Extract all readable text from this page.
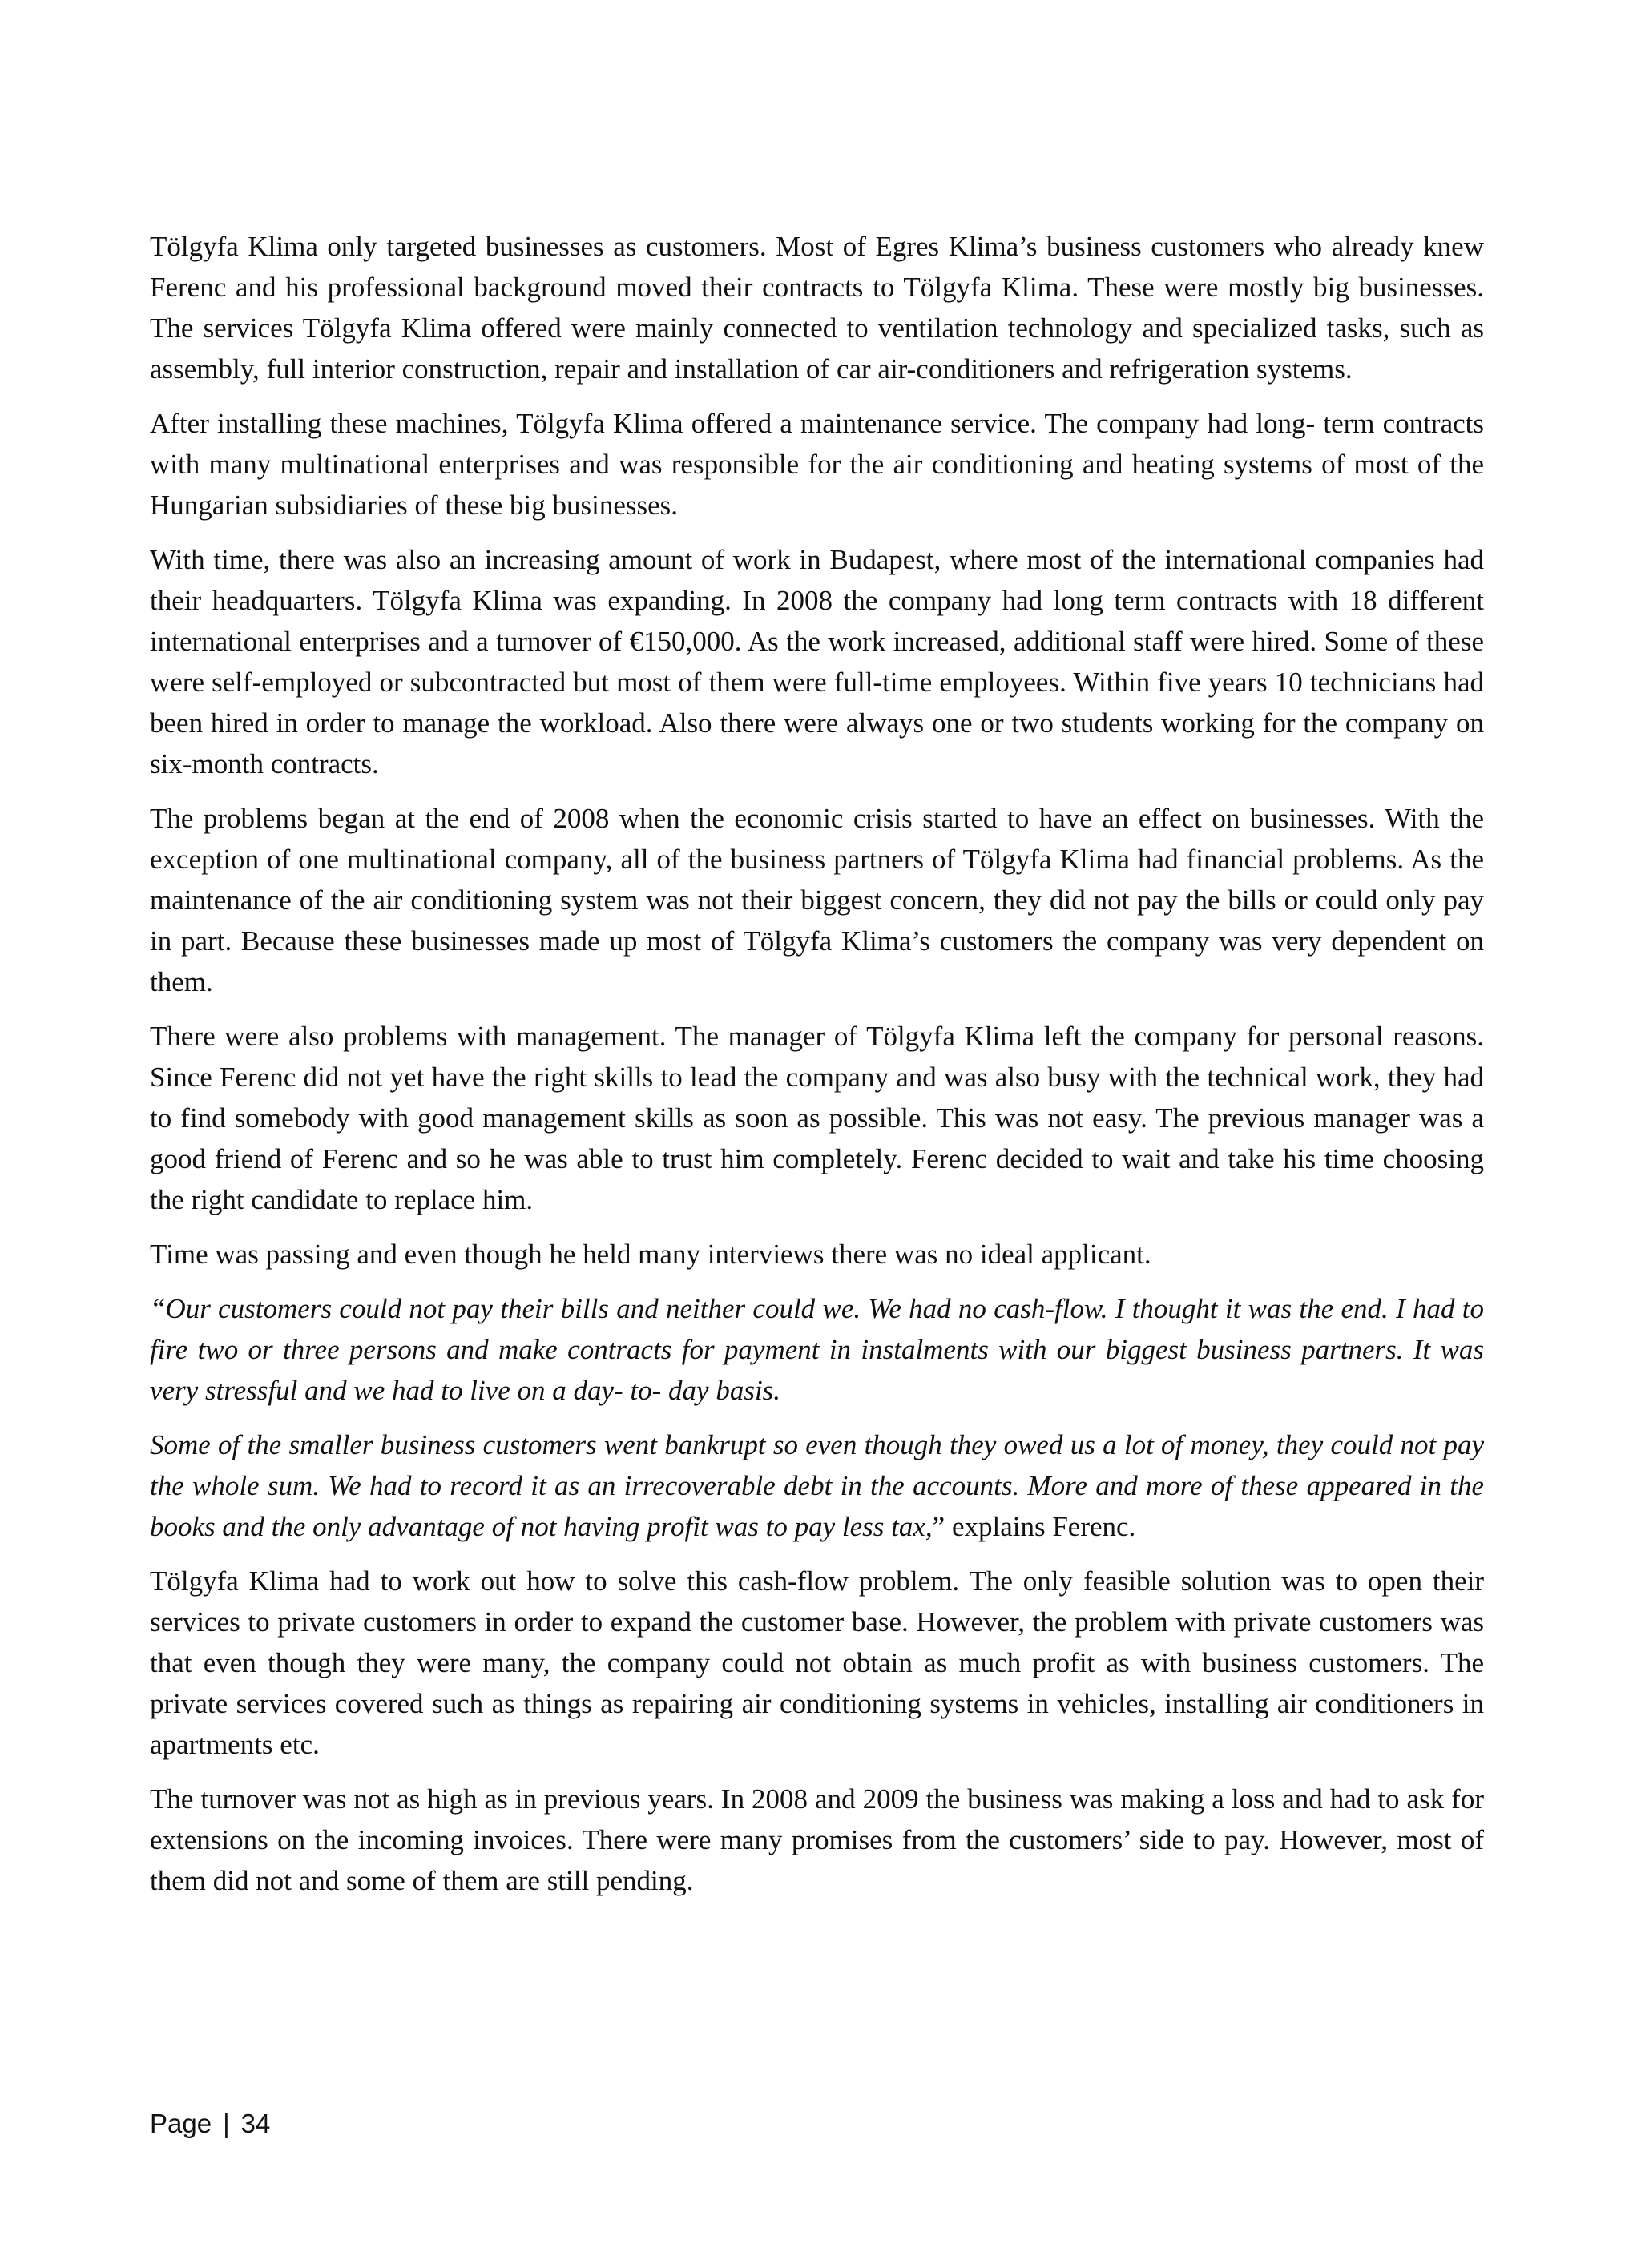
Tölgyfa Klima only targeted businesses as customers. Most of Egres Klima’s business customers who already knew Ferenc and his professional background moved their contracts to Tölgyfa Klima. These were mostly big businesses. The services Tölgyfa Klima offered were mainly connected to ventilation technology and specialized tasks, such as assembly, full interior construction, repair and installation of car air-conditioners and refrigeration systems.

After installing these machines, Tölgyfa Klima offered a maintenance service. The company had long- term contracts with many multinational enterprises and was responsible for the air conditioning and heating systems of most of the Hungarian subsidiaries of these big businesses.

With time, there was also an increasing amount of work in Budapest, where most of the international companies had their headquarters. Tölgyfa Klima was expanding. In 2008 the company had long term contracts with 18 different international enterprises and a turnover of €150,000. As the work increased, additional staff were hired. Some of these were self-employed or subcontracted but most of them were full-time employees. Within five years 10 technicians had been hired in order to manage the workload. Also there were always one or two students working for the company on six-month contracts.

The problems began at the end of 2008 when the economic crisis started to have an effect on businesses. With the exception of one multinational company, all of the business partners of Tölgyfa Klima had financial problems. As the maintenance of the air conditioning system was not their biggest concern, they did not pay the bills or could only pay in part. Because these businesses made up most of Tölgyfa Klima’s customers the company was very dependent on them.

There were also problems with management. The manager of Tölgyfa Klima left the company for personal reasons. Since Ferenc did not yet have the right skills to lead the company and was also busy with the technical work, they had to find somebody with good management skills as soon as possible. This was not easy. The previous manager was a good friend of Ferenc and so he was able to trust him completely. Ferenc decided to wait and take his time choosing the right candidate to replace him.

Time was passing and even though he held many interviews there was no ideal applicant.

“Our customers could not pay their bills and neither could we. We had no cash-flow. I thought it was the end. I had to fire two or three persons and make contracts for payment in instalments with our biggest business partners. It was very stressful and we had to live on a day- to- day basis.

Some of the smaller business customers went bankrupt so even though they owed us a lot of money, they could not pay the whole sum. We had to record it as an irrecoverable debt in the accounts. More and more of these appeared in the books and the only advantage of not having profit was to pay less tax,” explains Ferenc.

Tölgyfa Klima had to work out how to solve this cash-flow problem. The only feasible solution was to open their services to private customers in order to expand the customer base. However, the problem with private customers was that even though they were many, the company could not obtain as much profit as with business customers. The private services covered such as things as repairing air conditioning systems in vehicles, installing air conditioners in apartments etc.

The turnover was not as high as in previous years. In 2008 and 2009 the business was making a loss and had to ask for extensions on the incoming invoices. There were many promises from the customers’ side to pay. However, most of them did not and some of them are still pending.

Page | 34
